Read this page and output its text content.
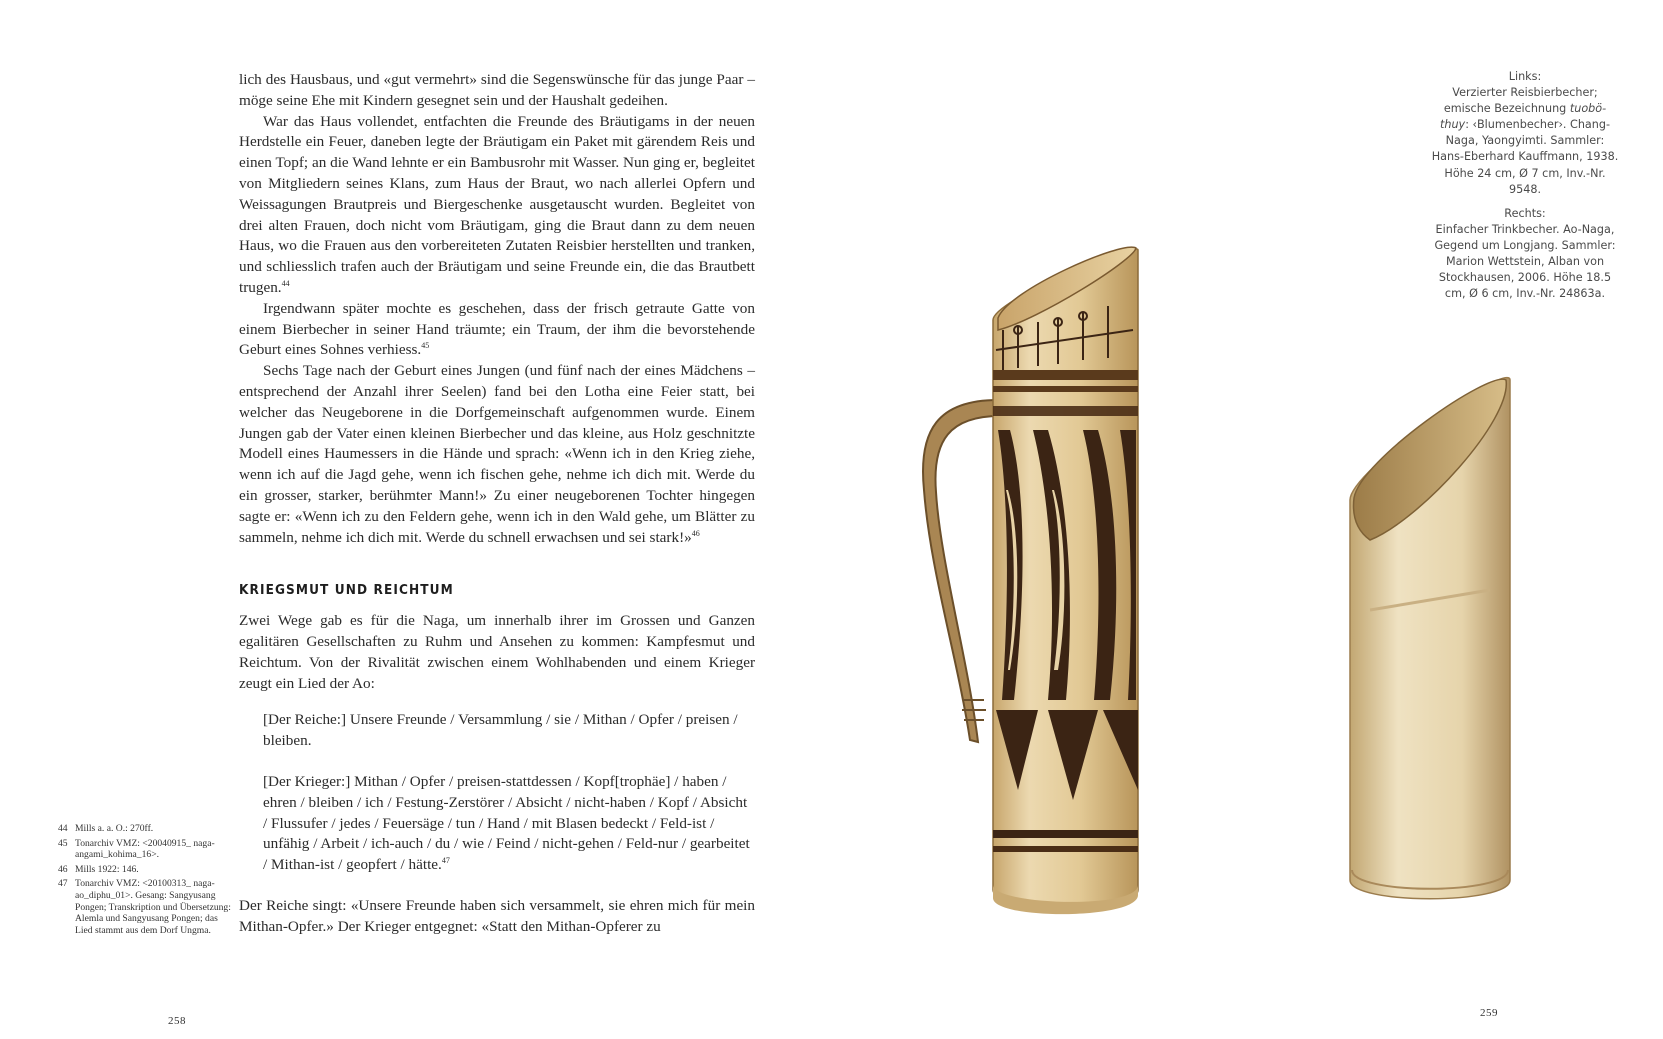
lich des Hausbaus, und «gut vermehrt» sind die Segenswünsche für das junge Paar – möge seine Ehe mit Kindern gesegnet sein und der Haushalt gedeihen.

War das Haus vollendet, entfachten die Freunde des Bräutigams in der neuen Herdstelle ein Feuer, daneben legte der Bräutigam ein Paket mit gärendem Reis und einen Topf; an die Wand lehnte er ein Bambusrohr mit Wasser. Nun ging er, begleitet von Mitgliedern seines Klans, zum Haus der Braut, wo nach allerlei Opfern und Weissagungen Brautpreis und Biergeschenke ausgetauscht wurden. Begleitet von drei alten Frauen, doch nicht vom Bräutigam, ging die Braut dann zu dem neuen Haus, wo die Frauen aus den vorbereiteten Zutaten Reisbier herstellten und tranken, und schliesslich trafen auch der Bräutigam und seine Freunde ein, die das Brautbett trugen.$^{44}$

Irgendwann später mochte es geschehen, dass der frisch getraute Gatte von einem Bierbecher in seiner Hand träumte; ein Traum, der ihm die bevorstehende Geburt eines Sohnes verhiess.$^{45}$

Sechs Tage nach der Geburt eines Jungen (und fünf nach der eines Mädchens – entsprechend der Anzahl ihrer Seelen) fand bei den Lotha eine Feier statt, bei welcher das Neugeborene in die Dorfgemeinschaft aufgenommen wurde. Einem Jungen gab der Vater einen kleinen Bierbecher und das kleine, aus Holz geschnitzte Modell eines Haumessers in die Hände und sprach: «Wenn ich in den Krieg ziehe, wenn ich auf die Jagd gehe, wenn ich fischen gehe, nehme ich dich mit. Werde du ein grosser, starker, berühmter Mann!» Zu einer neugeborenen Tochter hingegen sagte er: «Wenn ich zu den Feldern gehe, wenn ich in den Wald gehe, um Blätter zu sammeln, nehme ich dich mit. Werde du schnell erwachsen und sei stark!»$^{46}$

KRIEGSMUT UND REICHTUM

Zwei Wege gab es für die Naga, um innerhalb ihrer im Grossen und Ganzen egalitären Gesellschaften zu Ruhm und Ansehen zu kommen: Kampfesmut und Reichtum. Von der Rivalität zwischen einem Wohlhabenden und einem Krieger zeugt ein Lied der Ao:

[Der Reiche:] Unsere Freunde / Versammlung / sie / Mithan / Opfer / preisen / bleiben.

[Der Krieger:] Mithan / Opfer / preisen-stattdessen / Kopf[trophäe] / haben / ehren / bleiben / ich / Festung-Zerstörer / Absicht / nicht-haben / Kopf / Absicht / Flussufer / jedes / Feuersäge / tun / Hand / mit Blasen bedeckt / Feld-ist / unfähig / Arbeit / ich-auch / du / wie / Feind / nicht-gehen / Feld-nur / gearbeitet / Mithan-ist / geopfert / hätte.$^{47}$

Der Reiche singt: «Unsere Freunde haben sich versammelt, sie ehren mich für mein Mithan-Opfer.» Der Krieger entgegnet: «Statt den Mithan-Opferer zu

44 Mills a. a. O.: 270ff.
45 Tonarchiv VMZ: <20040915_ naga-angami_kohima_16>.
46 Mills 1922: 146.
47 Tonarchiv VMZ: <20100313_ naga-ao_diphu_01>. Gesang: Sangyusang Pongen; Transkription und Übersetzung: Alemla und Sangyusang Pongen; das Lied stammt aus dem Dorf Ungma.
258
Links:
Verzierter Reisbierbecher; emische Bezeichnung tuobö-thuy: ‹Blumenbecher›. Chang-Naga, Yaongyimti. Sammler: Hans-Eberhard Kauffmann, 1938. Höhe 24 cm, Ø 7 cm, Inv.-Nr. 9548.
Rechts:
Einfacher Trinkbecher. Ao-Naga, Gegend um Longjang. Sammler: Marion Wettstein, Alban von Stockhausen, 2006. Höhe 18.5 cm, Ø 6 cm, Inv.-Nr. 24863a.
259
